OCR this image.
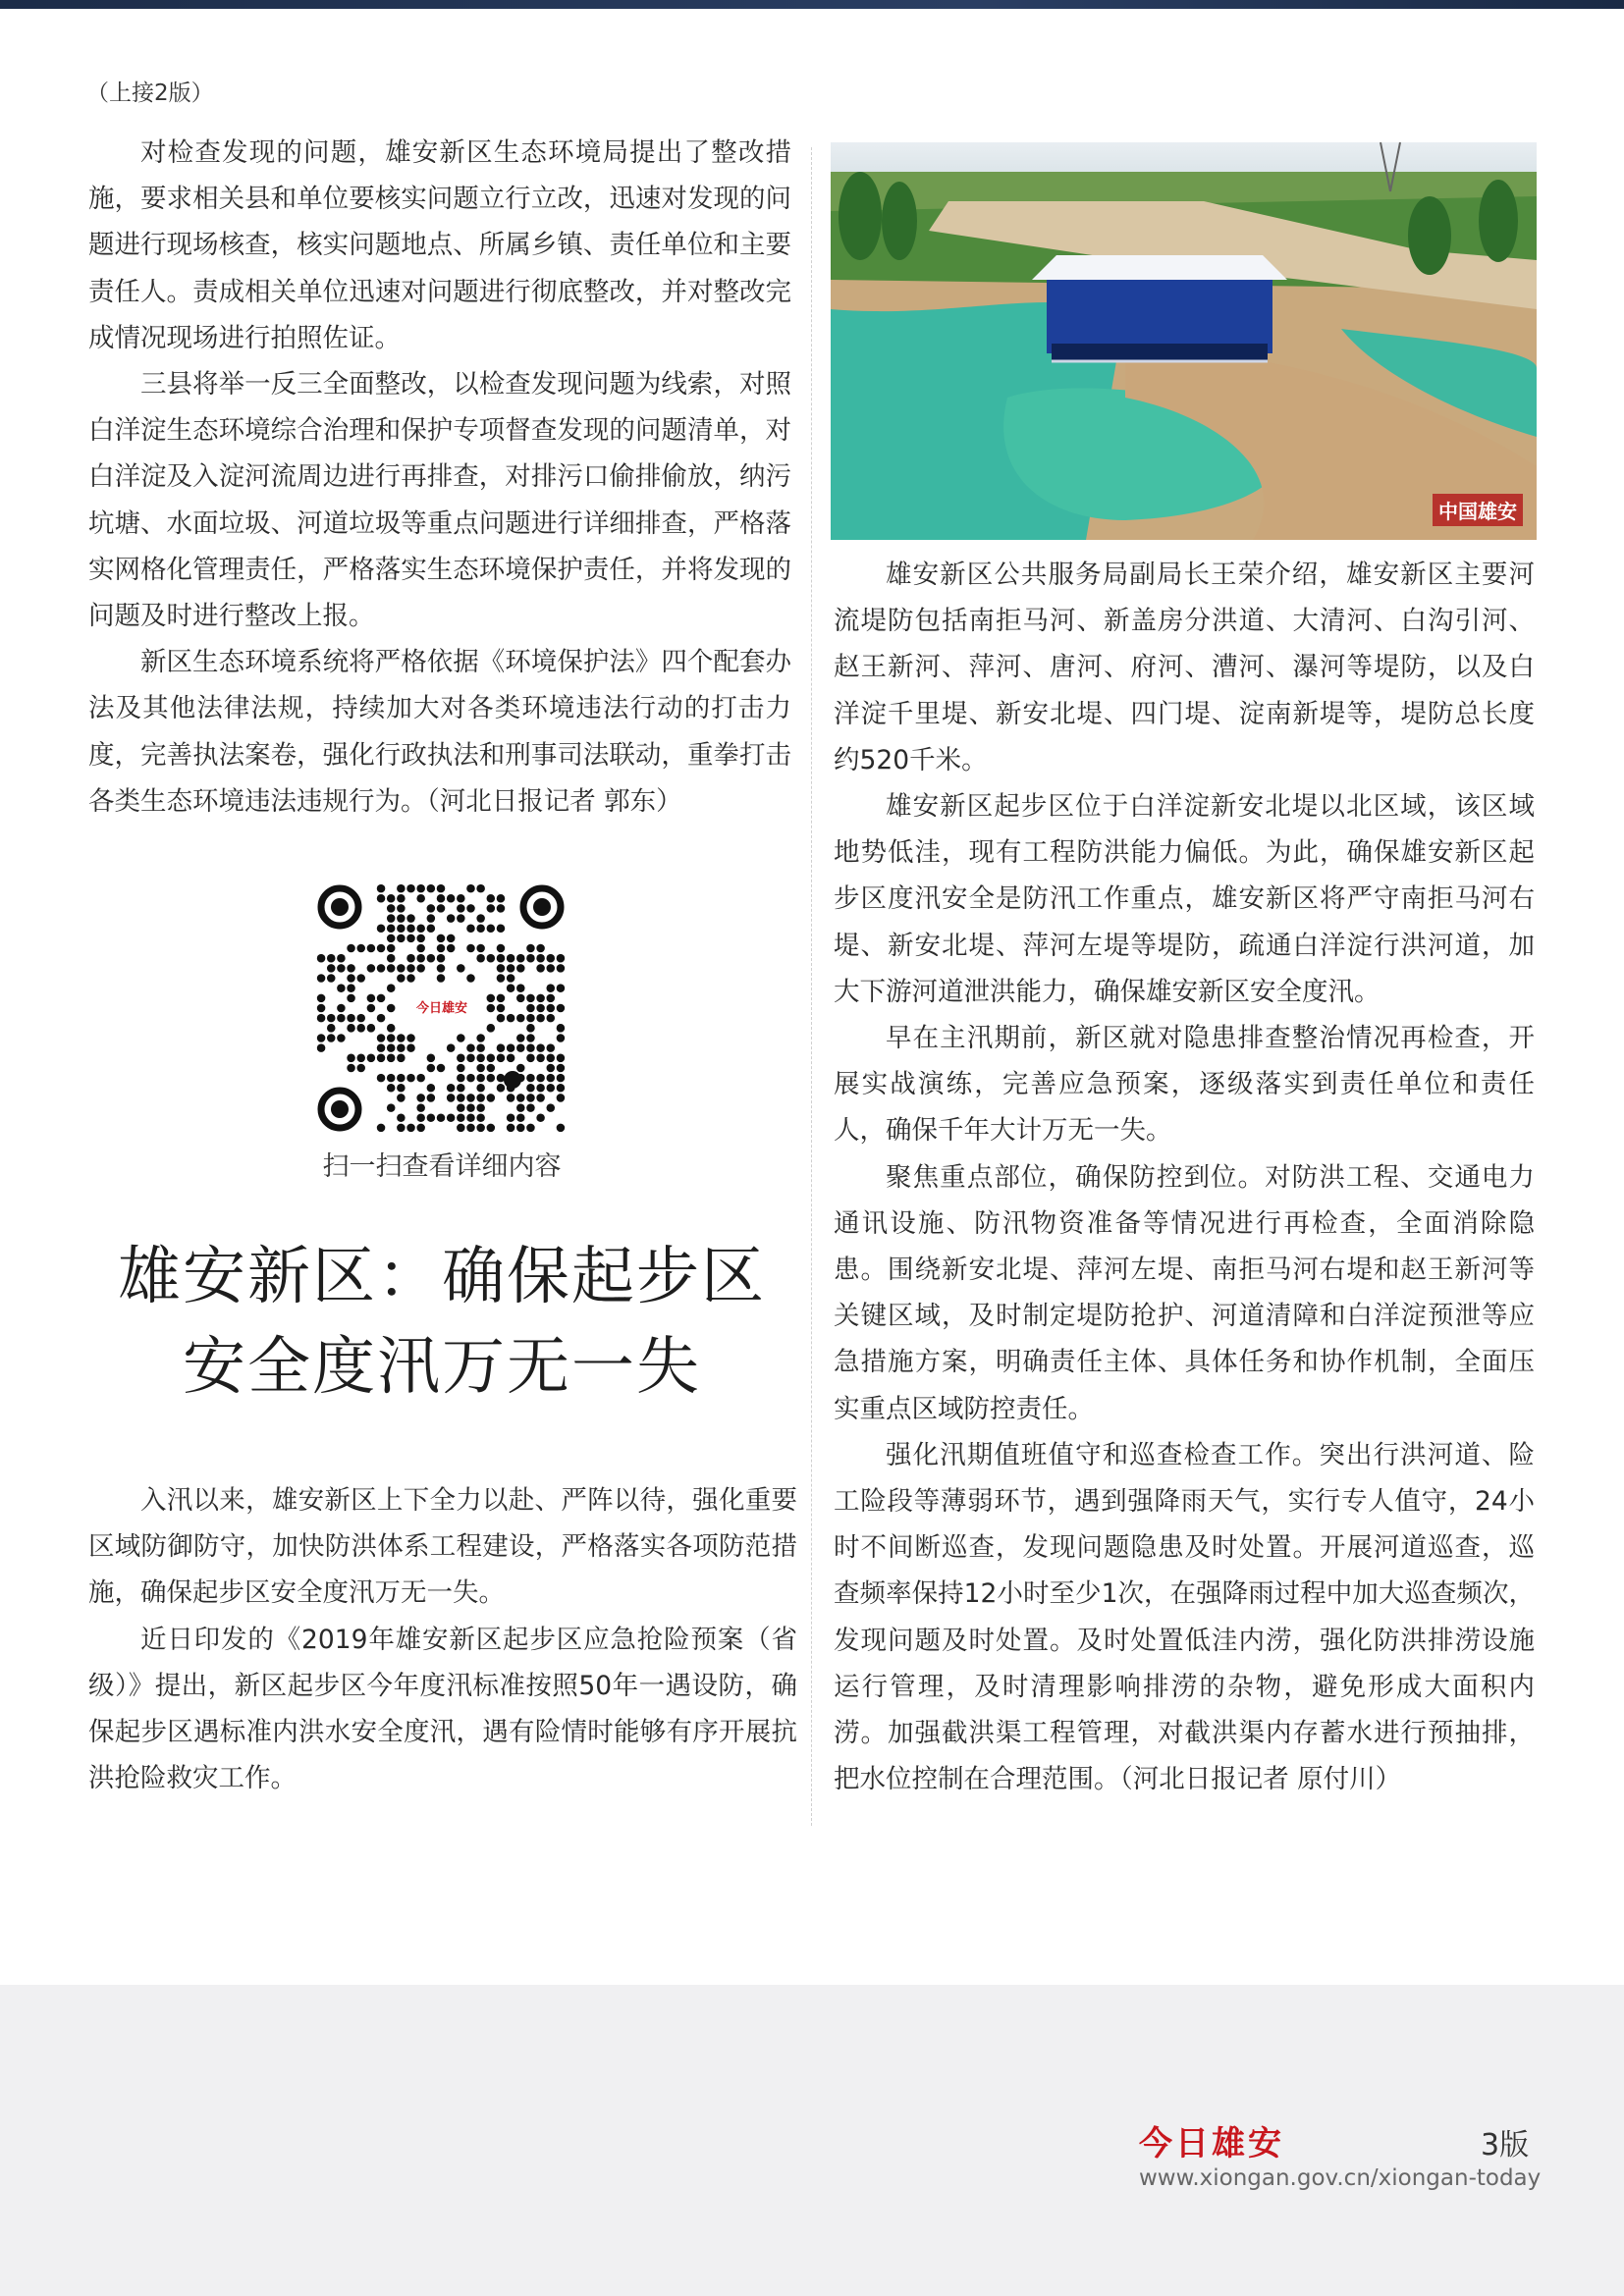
（上接2版）

对检查发现的问题，雄安新区生态环境局提出了整改措施，要求相关县和单位要核实问题立行立改，迅速对发现的问题进行现场核查，核实问题地点、所属乡镇、责任单位和主要责任人。责成相关单位迅速对问题进行彻底整改，并对整改完成情况现场进行拍照佐证。

三县将举一反三全面整改，以检查发现问题为线索，对照白洋淀生态环境综合治理和保护专项督查发现的问题清单，对白洋淀及入淀河流周边进行再排查，对排污口偷排偷放，纳污坑塘、水面垃圾、河道垃圾等重点问题进行详细排查，严格落实网格化管理责任，严格落实生态环境保护责任，并将发现的问题及时进行整改上报。

新区生态环境系统将严格依据《环境保护法》四个配套办法及其他法律法规，持续加大对各类环境违法行动的打击力度，完善执法案卷，强化行政执法和刑事司法联动，重拳打击各类生态环境违法违规行为。（河北日报记者 郭东）

今日雄安
扫一扫查看详细内容
雄安新区：确保起步区
安全度汛万无一失

入汛以来，雄安新区上下全力以赴、严阵以待，强化重要区域防御防守，加快防洪体系工程建设，严格落实各项防范措施，确保起步区安全度汛万无一失。

近日印发的《2019年雄安新区起步区应急抢险预案（省级）》提出，新区起步区今年度汛标准按照50年一遇设防，确保起步区遇标准内洪水安全度汛，遇有险情时能够有序开展抗洪抢险救灾工作。

中国雄安

雄安新区公共服务局副局长王荣介绍，雄安新区主要河流堤防包括南拒马河、新盖房分洪道、大清河、白沟引河、赵王新河、萍河、唐河、府河、漕河、瀑河等堤防，以及白洋淀千里堤、新安北堤、四门堤、淀南新堤等，堤防总长度约520千米。

雄安新区起步区位于白洋淀新安北堤以北区域，该区域地势低洼，现有工程防洪能力偏低。为此，确保雄安新区起步区度汛安全是防汛工作重点，雄安新区将严守南拒马河右堤、新安北堤、萍河左堤等堤防，疏通白洋淀行洪河道，加大下游河道泄洪能力，确保雄安新区安全度汛。

早在主汛期前，新区就对隐患排查整治情况再检查，开展实战演练，完善应急预案，逐级落实到责任单位和责任人，确保千年大计万无一失。

聚焦重点部位，确保防控到位。对防洪工程、交通电力通讯设施、防汛物资准备等情况进行再检查，全面消除隐患。围绕新安北堤、萍河左堤、南拒马河右堤和赵王新河等关键区域，及时制定堤防抢护、河道清障和白洋淀预泄等应急措施方案，明确责任主体、具体任务和协作机制，全面压实重点区域防控责任。

强化汛期值班值守和巡查检查工作。突出行洪河道、险工险段等薄弱环节，遇到强降雨天气，实行专人值守，24小时不间断巡查，发现问题隐患及时处置。开展河道巡查，巡查频率保持12小时至少1次，在强降雨过程中加大巡查频次，发现问题及时处置。及时处置低洼内涝，强化防洪排涝设施运行管理，及时清理影响排涝的杂物，避免形成大面积内涝。加强截洪渠工程管理，对截洪渠内存蓄水进行预抽排，把水位控制在合理范围。（河北日报记者 原付川）

今日雄安	3版
www.xiongan.gov.cn/xiongan-today
